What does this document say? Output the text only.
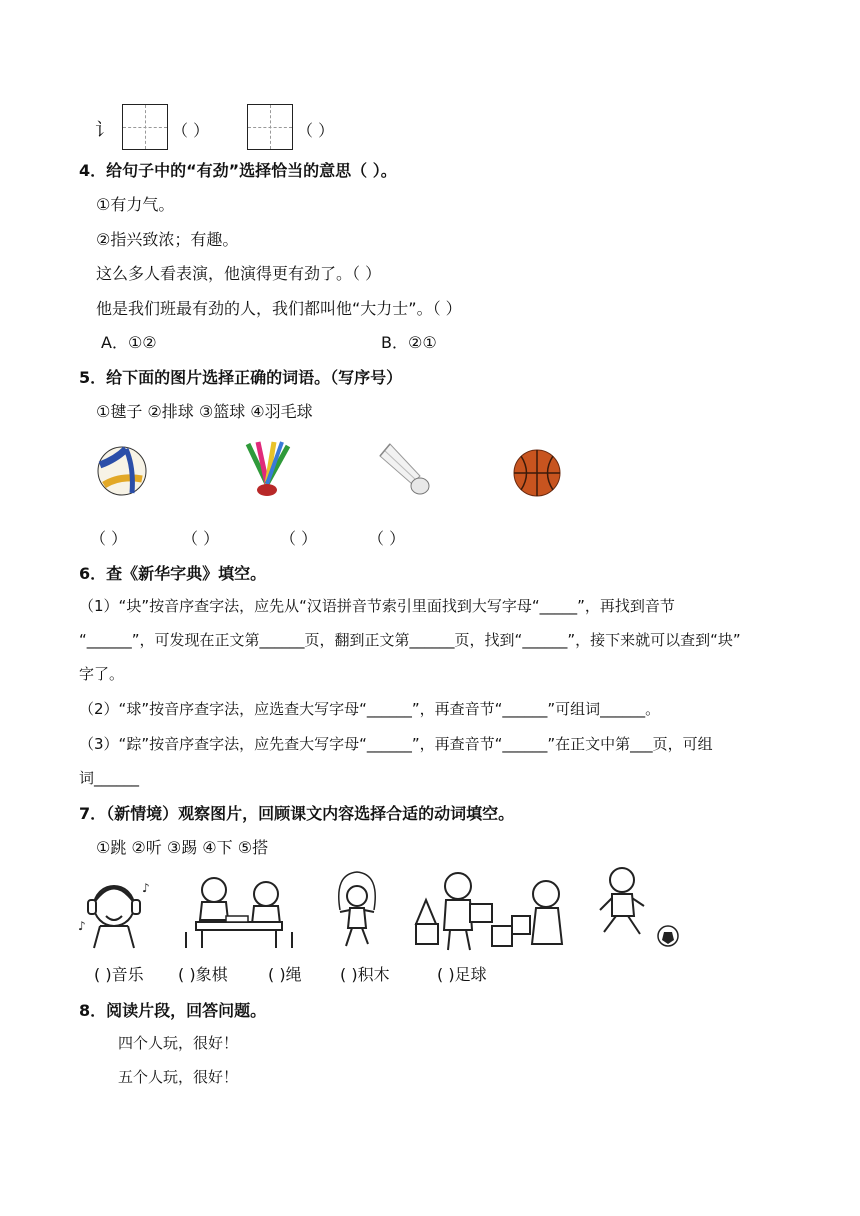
讠	（ ）	（ ）
4．给句子中的“有劲”选择恰当的意思（ ）。
①有力气。
②指兴致浓；有趣。
这么多人看表演，他演得更有劲了。（ ）
他是我们班最有劲的人，我们都叫他“大力士”。（ ）
A．①②	B．②①
5．给下面的图片选择正确的词语。（写序号）
①毽子 ②排球 ③篮球 ④羽毛球
（ ）	（ ）	（ ）	（ ）
6．查《新华字典》填空。
（1）“块”按音序查字法，应先从“汉语拼音节索引里面找到大写字母“_____”，再找到音节
“______”，可发现在正文第______页，翻到正文第______页，找到“______”，接下来就可以查到“块”
字了。
（2）“球”按音序查字法，应选查大写字母“______”，再查音节“______”可组词______。
（3）“踪”按音序查字法，应先查大写字母“______”，再查音节“______”在正文中第___页，可组
词______
7．（新情境）观察图片，回顾课文内容选择合适的动词填空。
①跳 ②听 ③踢 ④下 ⑤搭
♪
♪
( )音乐 ( )象棋	( )绳 ( )积木	( )足球
8．阅读片段，回答问题。
四个人玩，很好！
五个人玩，很好！
